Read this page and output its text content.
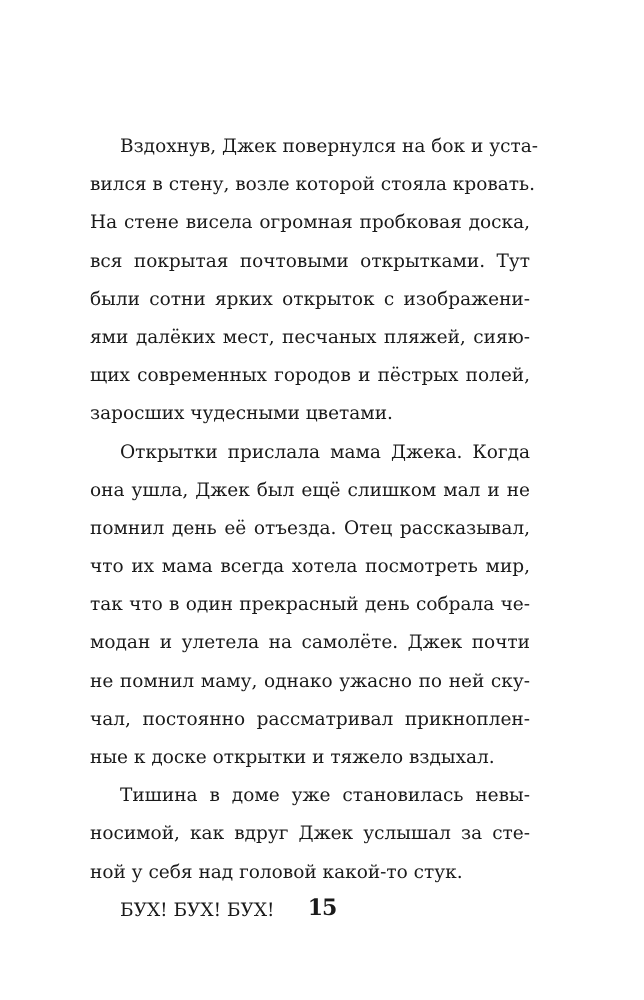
Вздохнув, Джек повернулся на бок и уста-
вился в стену, возле которой стояла кровать.
На стене висела огромная пробковая доска,
вся покрытая почтовыми открытками. Тут
были сотни ярких открыток с изображени-
ями далёких мест, песчаных пляжей, сияю-
щих современных городов и пёстрых полей,
заросших чудесными цветами.
Открытки прислала мама Джека. Когда
она ушла, Джек был ещё слишком мал и не
помнил день её отъезда. Отец рассказывал,
что их мама всегда хотела посмотреть мир,
так что в один прекрасный день собрала че-
модан и улетела на самолёте. Джек почти
не помнил маму, однако ужасно по ней ску-
чал, постоянно рассматривал прикноплен-
ные к доске открытки и тяжело вздыхал.
Тишина в доме уже становилась невы-
носимой, как вдруг Джек услышал за сте-
ной у себя над головой какой-то стук.
БУХ! БУХ! БУХ!	15
